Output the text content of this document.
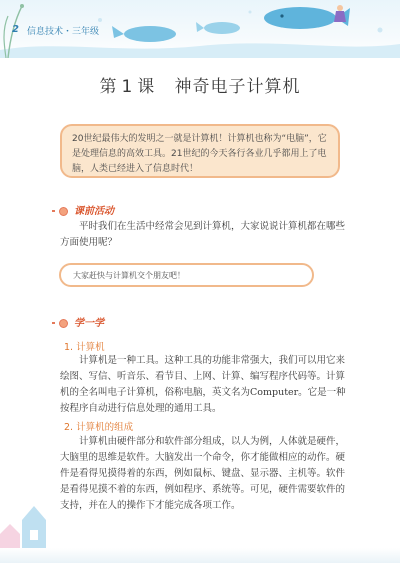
2 信息技术・三年级
第 1 课 神奇电子计算机
20世纪最伟大的发明之一就是计算机！计算机也称为“电脑”，它是处理信息的高效工具。21世纪的今天各行各业几乎都用上了电脑，人类已经进入了信息时代！
课前活动
平时我们在生活中经常会见到计算机，大家说说计算机都在哪些方面使用呢？
大家赶快与计算机交个朋友吧！
学一学
1. 计算机
计算机是一种工具。这种工具的功能非常强大，我们可以用它来绘图、写信、听音乐、看节目、上网、计算、编写程序代码等。计算机的全名叫电子计算机，俗称电脑，英文名为Computer。它是一种按程序自动进行信息处理的通用工具。
2. 计算机的组成
计算机由硬件部分和软件部分组成，以人为例，人体就是硬件，大脑里的思维是软件。大脑发出一个命令，你才能做相应的动作。硬件是看得见摸得着的东西，例如鼠标、键盘、显示器、主机等。软件是看得见摸不着的东西，例如程序、系统等。可见，硬件需要软件的支持，并在人的操作下才能完成各项工作。
